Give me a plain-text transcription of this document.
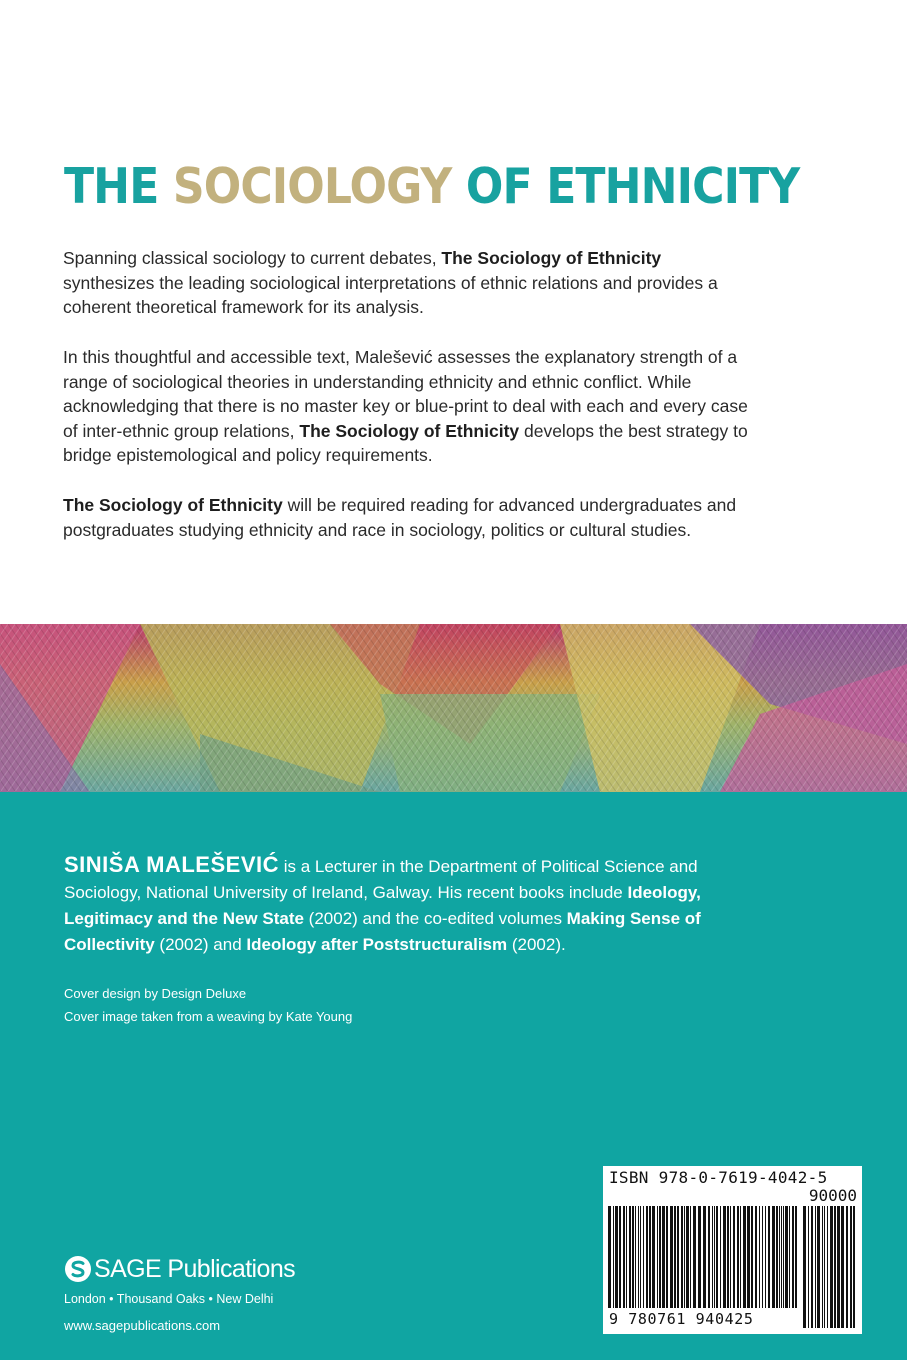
THE SOCIOLOGY OF ETHNICITY

Spanning classical sociology to current debates, The Sociology of Ethnicity synthesizes the leading sociological interpretations of ethnic relations and provides a coherent theoretical framework for its analysis.

In this thoughtful and accessible text, Malešević assesses the explanatory strength of a range of sociological theories in understanding ethnicity and ethnic conflict. While acknowledging that there is no master key or blue-print to deal with each and every case of inter-ethnic group relations, The Sociology of Ethnicity develops the best strategy to bridge epistemological and policy requirements.

The Sociology of Ethnicity will be required reading for advanced undergraduates and postgraduates studying ethnicity and race in sociology, politics or cultural studies.

SINIŠA MALEŠEVIĆ is a Lecturer in the Department of Political Science and Sociology, National University of Ireland, Galway. His recent books include Ideology, Legitimacy and the New State (2002) and the co-edited volumes Making Sense of Collectivity (2002) and Ideology after Poststructuralism (2002).

Cover design by Design Deluxe
Cover image taken from a weaving by Kate Young
ISBN 978-0-7619-4042-5
90000
9 780761 940425
SAGE Publications
London • Thousand Oaks • New Delhi
www.sagepublications.com
